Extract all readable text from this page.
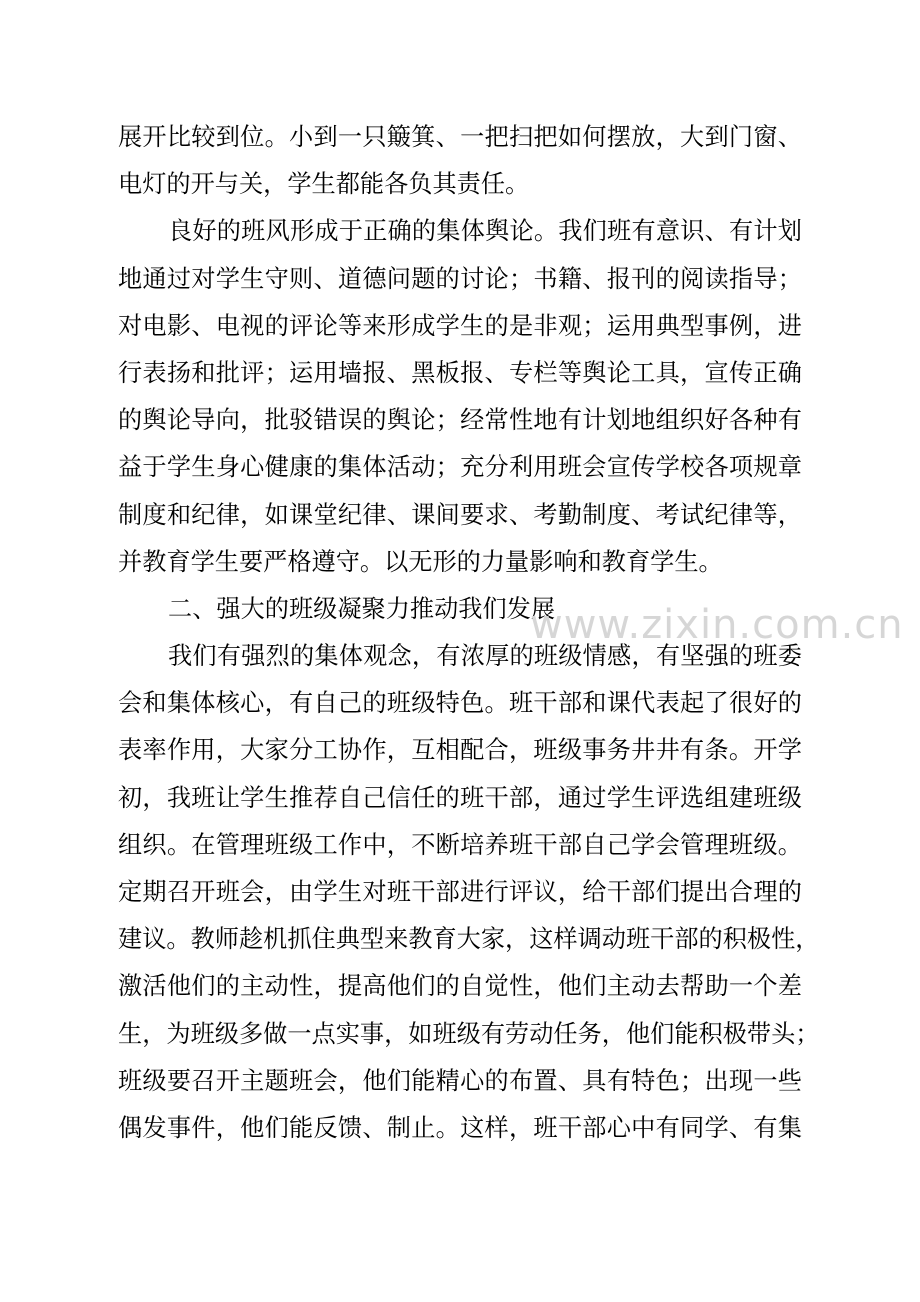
展开比较到位。小到一只簸箕、一把扫把如何摆放，大到门窗、
电灯的开与关，学生都能各负其责任。
良好的班风形成于正确的集体舆论。我们班有意识、有计划
地通过对学生守则、道德问题的讨论；书籍、报刊的阅读指导；
对电影、电视的评论等来形成学生的是非观；运用典型事例，进
行表扬和批评；运用墙报、黑板报、专栏等舆论工具，宣传正确
的舆论导向，批驳错误的舆论；经常性地有计划地组织好各种有
益于学生身心健康的集体活动；充分利用班会宣传学校各项规章
制度和纪律，如课堂纪律、课间要求、考勤制度、考试纪律等，
并教育学生要严格遵守。以无形的力量影响和教育学生。
二、强大的班级凝聚力推动我们发展
我们有强烈的集体观念，有浓厚的班级情感，有坚强的班委
会和集体核心，有自己的班级特色。班干部和课代表起了很好的
表率作用，大家分工协作，互相配合，班级事务井井有条。开学
初，我班让学生推荐自己信任的班干部，通过学生评选组建班级
组织。在管理班级工作中，不断培养班干部自己学会管理班级。
定期召开班会，由学生对班干部进行评议，给干部们提出合理的
建议。教师趁机抓住典型来教育大家，这样调动班干部的积极性，
激活他们的主动性，提高他们的自觉性，他们主动去帮助一个差
生，为班级多做一点实事，如班级有劳动任务，他们能积极带头；
班级要召开主题班会，他们能精心的布置、具有特色；出现一些
偶发事件，他们能反馈、制止。这样，班干部心中有同学、有集
www.zixin.com.cn
